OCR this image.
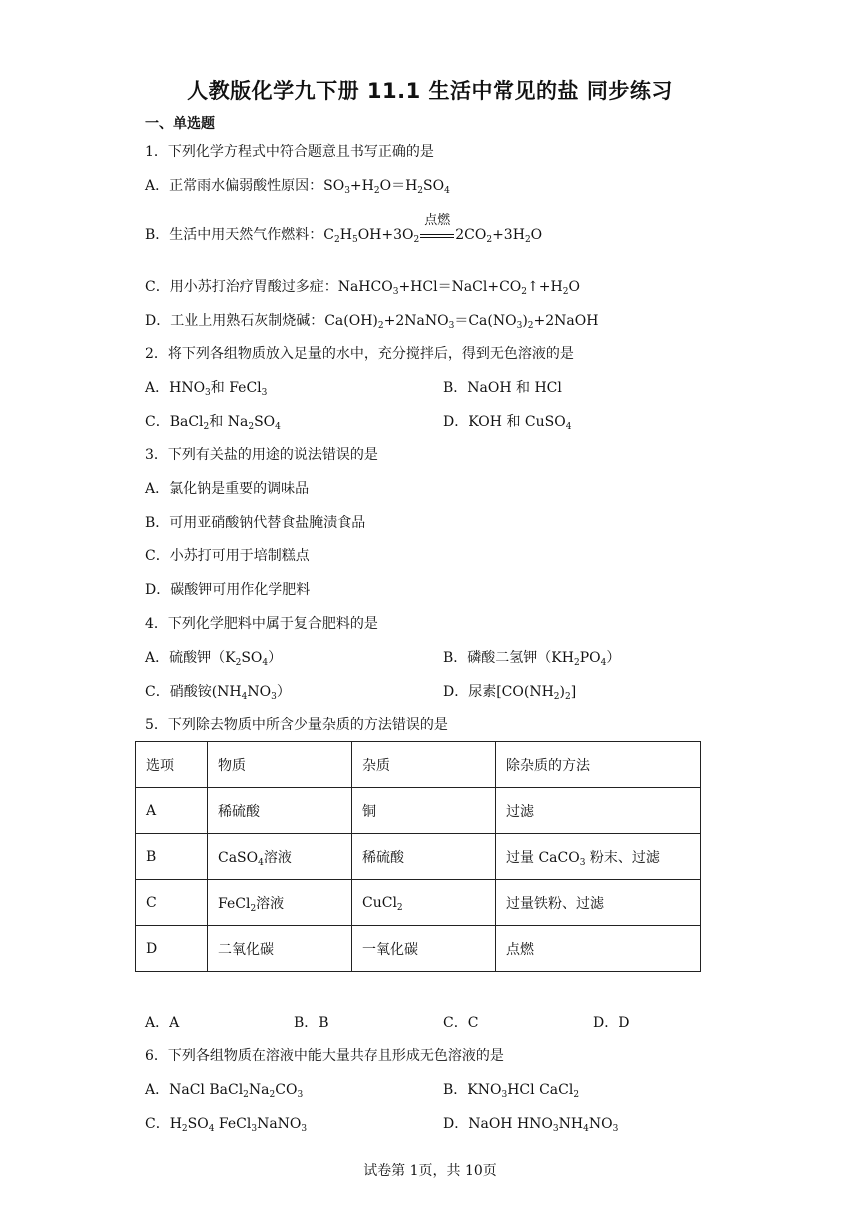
人教版化学九下册 11.1 生活中常见的盐 同步练习
一、单选题
1．下列化学方程式中符合题意且书写正确的是
A．正常雨水偏弱酸性原因：$SO_3+H_2O=H_2SO_4$
B．生活中用天然气作燃料：$C_2H_5OH+3O_2$
点燃
$2CO_2+3H_2O$
C．用小苏打治疗胃酸过多症：$NaHCO_3+HCl=NaCl+CO_2↑+H_2O$
D．工业上用熟石灰制烧碱：$Ca(OH)_2+2NaNO_3=Ca(NO_3)_2+2NaOH$
2．将下列各组物质放入足量的水中，充分搅拌后，得到无色溶液的是
A．$HNO_3$和 FeCl$_3$	B．NaOH 和 HCl
C．BaCl$_2$和 $Na_2SO_4$	D．KOH 和 CuSO$_4$
3．下列有关盐的用途的说法错误的是
A．氯化钠是重要的调味品
B．可用亚硝酸钠代替食盐腌渍食品
C．小苏打可用于培制糕点
D．碳酸钾可用作化学肥料
4．下列化学肥料中属于复合肥料的是
A．硫酸钾$(K_2SO_4)$	B．磷酸二氢钾$(KH_2PO_4)$
C．硝酸铵$(NH_4NO_3)$	D．尿素$[CO(NH_2)_2]$
5．下列除去物质中所含少量杂质的方法错误的是
选项	物质	杂质	除杂质的方法
A	稀硫酸	铜	过滤
B	CaSO$_4$溶液	稀硫酸	过量 CaCO$_3$ 粉末、过滤
C	FeCl$_2$溶液	CuCl$_2$	过量铁粉、过滤
D	二氧化碳	一氧化碳	点燃
A．A	B．B	C．C	D．D
6．下列各组物质在溶液中能大量共存且形成无色溶液的是
A．NaCl $BaCl_2Na_2CO_3$	B．$KNO_3HCl$ CaCl$_2$
C．$H_2SO_4$ FeCl$_3$NaNO$_3$	D．NaOH $HNO_3NH_4NO_3$
试卷第 1页，共 10页
